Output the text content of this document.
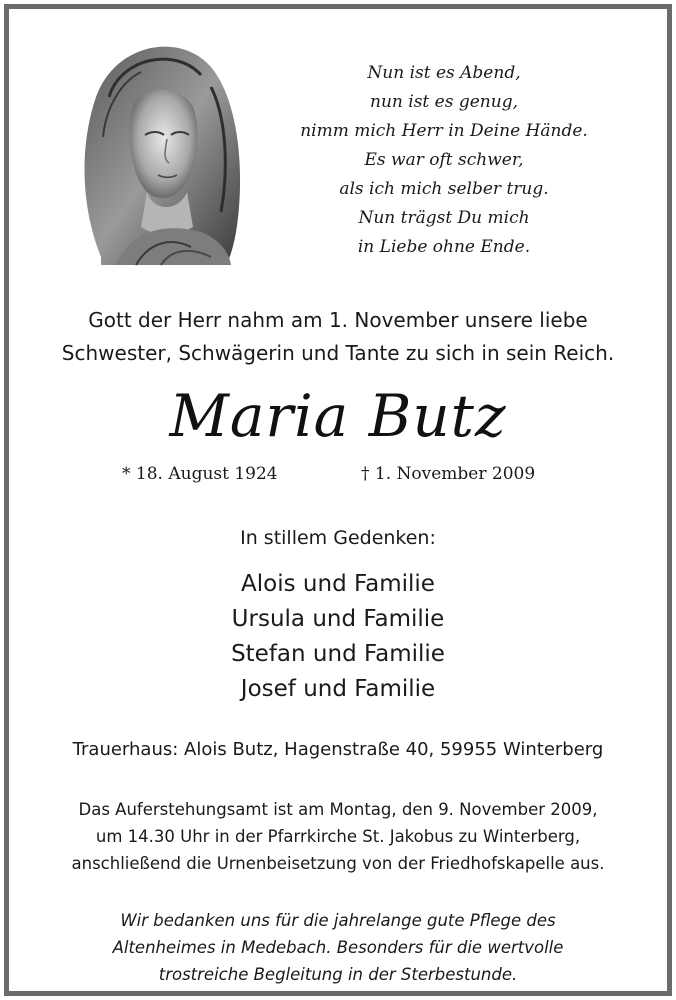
Nun ist es Abend,
nun ist es genug,
nimm mich Herr in Deine Hände.
Es war oft schwer,
als ich mich selber trug.
Nun trägst Du mich
in Liebe ohne Ende.
Gott der Herr nahm am 1. November unsere liebe
Schwester, Schwägerin und Tante zu sich in sein Reich.
Maria Butz
* 18. August 1924	† 1. November 2009
In stillem Gedenken:
Alois und Familie
Ursula und Familie
Stefan und Familie
Josef und Familie
Trauerhaus: Alois Butz, Hagenstraße 40, 59955 Winterberg
Das Auferstehungsamt ist am Montag, den 9. November 2009,
um 14.30 Uhr in der Pfarrkirche St. Jakobus zu Winterberg,
anschließend die Urnenbeisetzung von der Friedhofskapelle aus.
Wir bedanken uns für die jahrelange gute Pflege des
Altenheimes in Medebach. Besonders für die wertvolle
trostreiche Begleitung in der Sterbestunde.
